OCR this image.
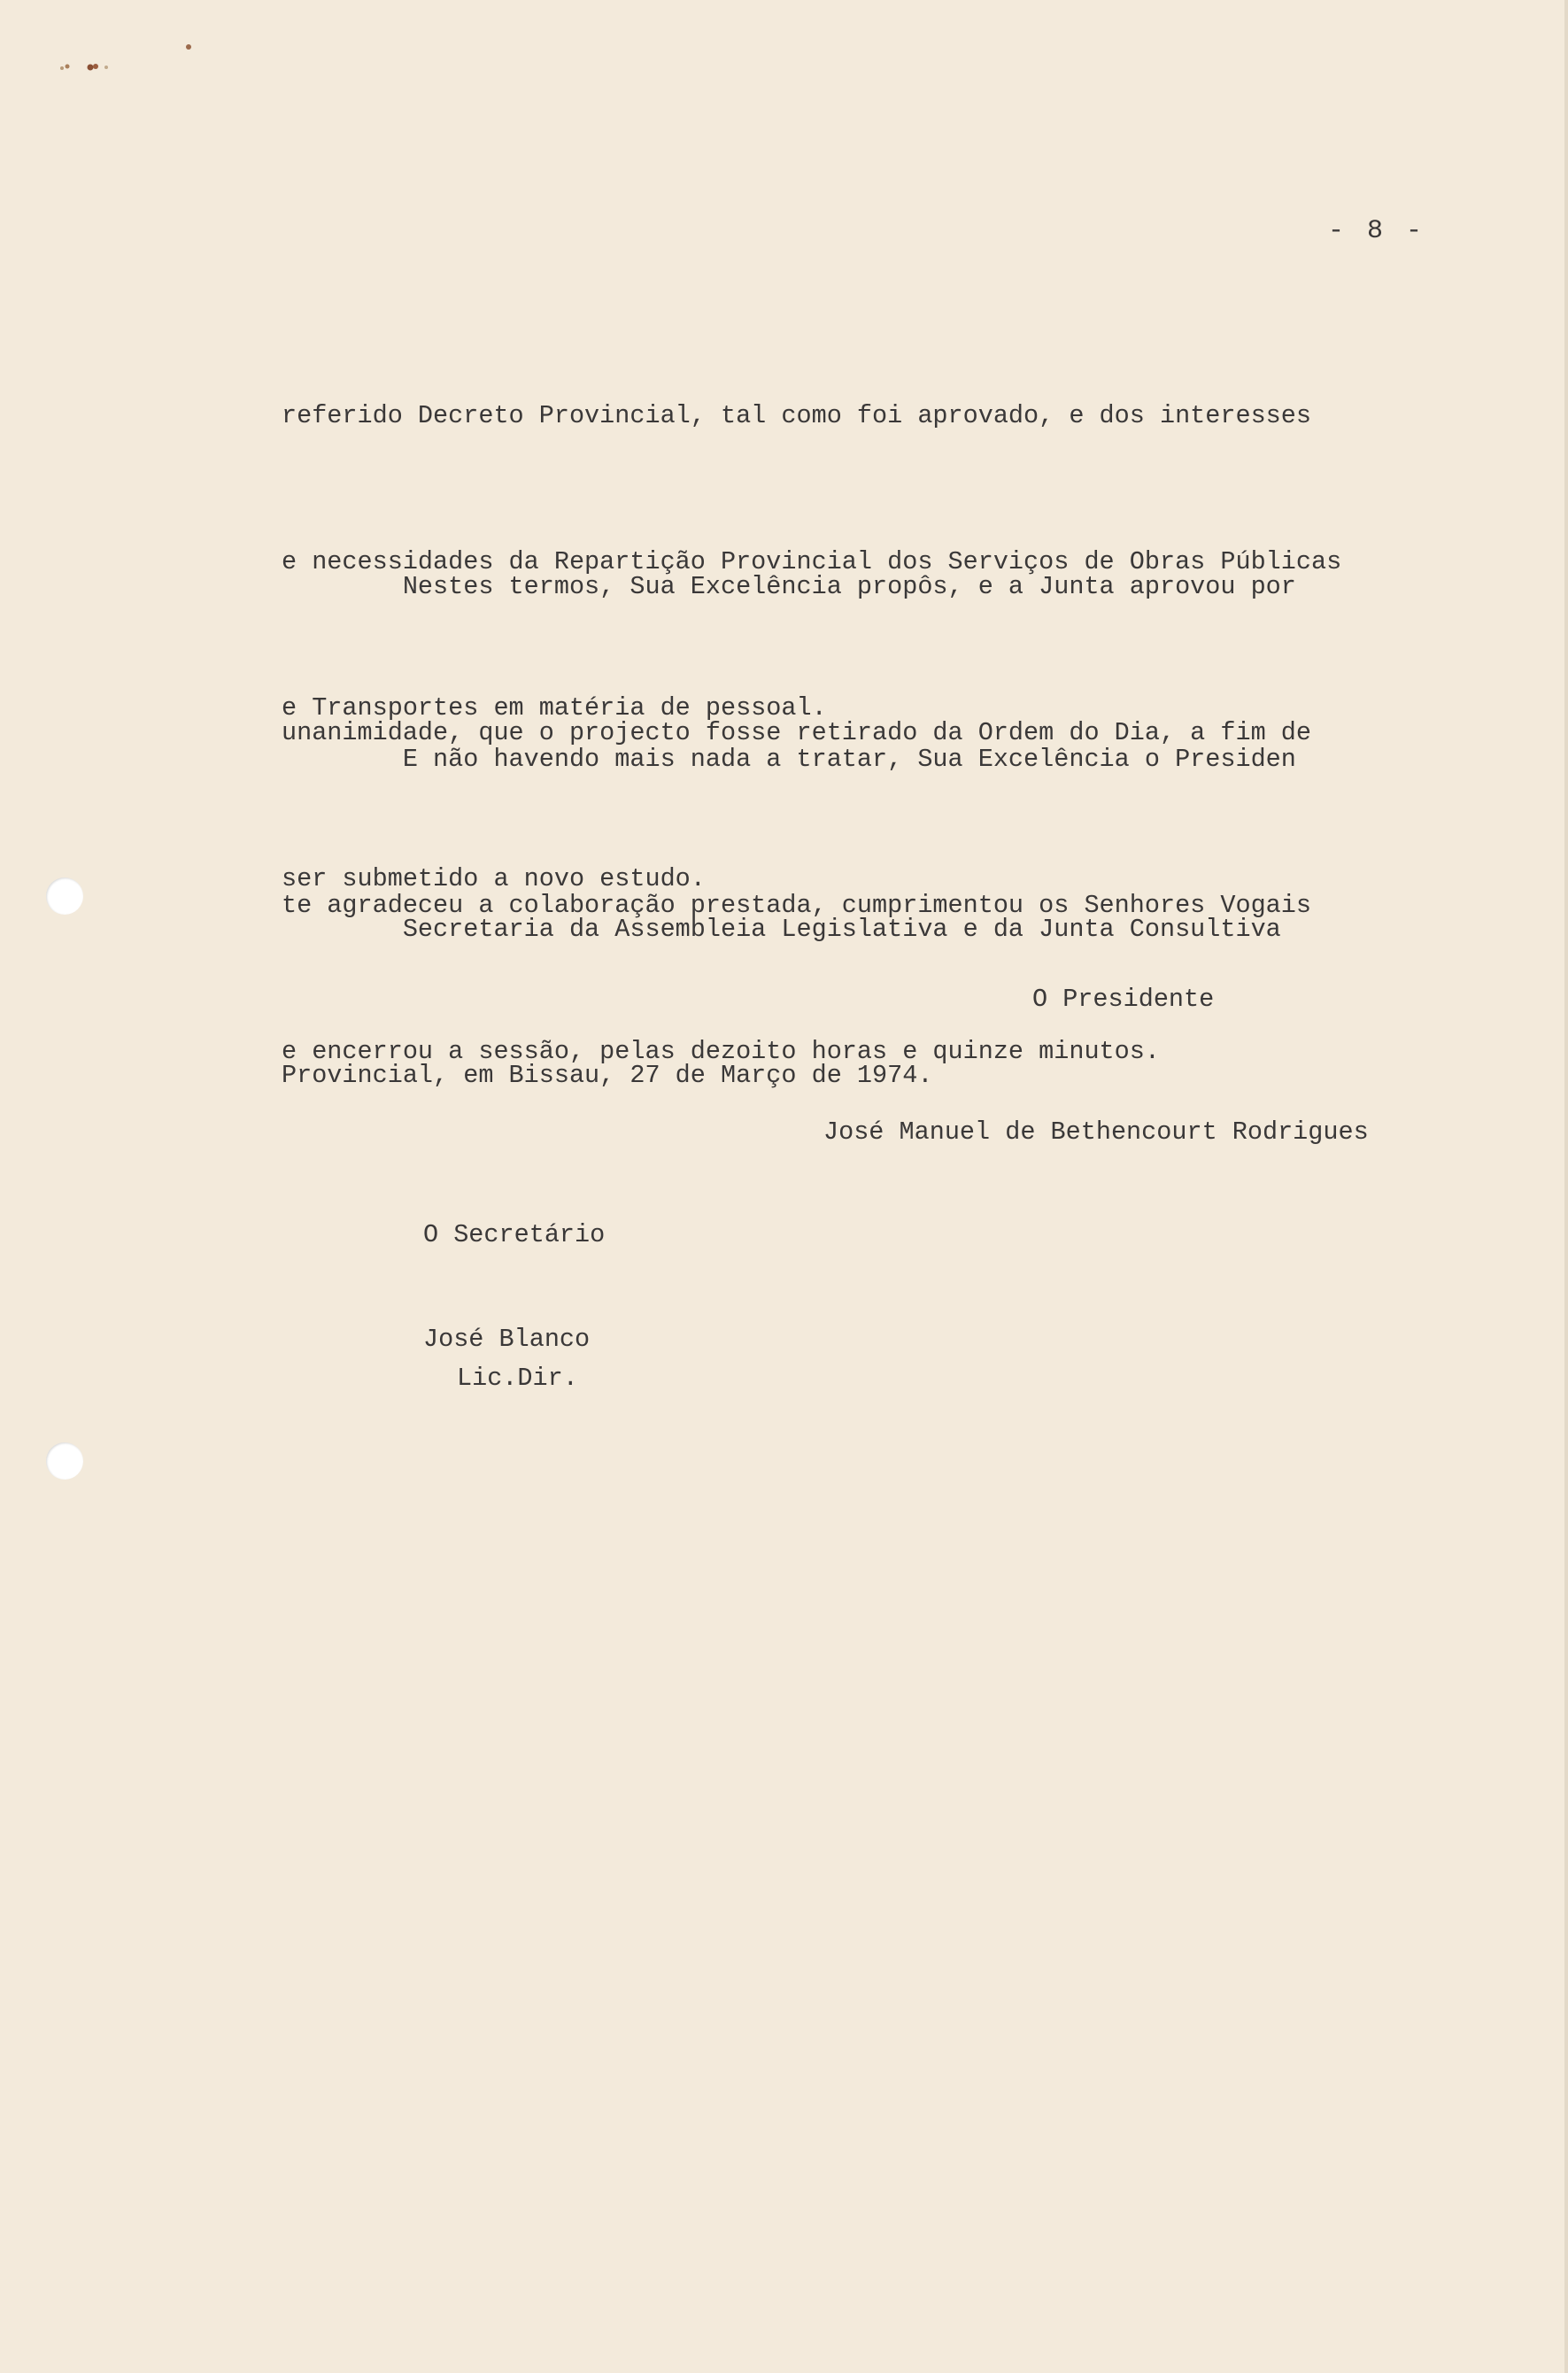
- 8 -

referido Decreto Provincial, tal como foi aprovado, e dos interesses

e necessidades da Repartição Provincial dos Serviços de Obras Públicas

e Transportes em matéria de pessoal.

Nestes termos, Sua Excelência propôs, e a Junta aprovou por

unanimidade, que o projecto fosse retirado da Ordem do Dia, a fim de

ser submetido a novo estudo.

E não havendo mais nada a tratar, Sua Excelência o Presiden

te agradeceu a colaboração prestada, cumprimentou os Senhores Vogais

e encerrou a sessão, pelas dezoito horas e quinze minutos.

Secretaria da Assembleia Legislativa e da Junta Consultiva

Provincial, em Bissau, 27 de Março de 1974.

O Presidente
José Manuel de Bethencourt Rodrigues
O Secretário
José Blanco
Lic.Dir.
